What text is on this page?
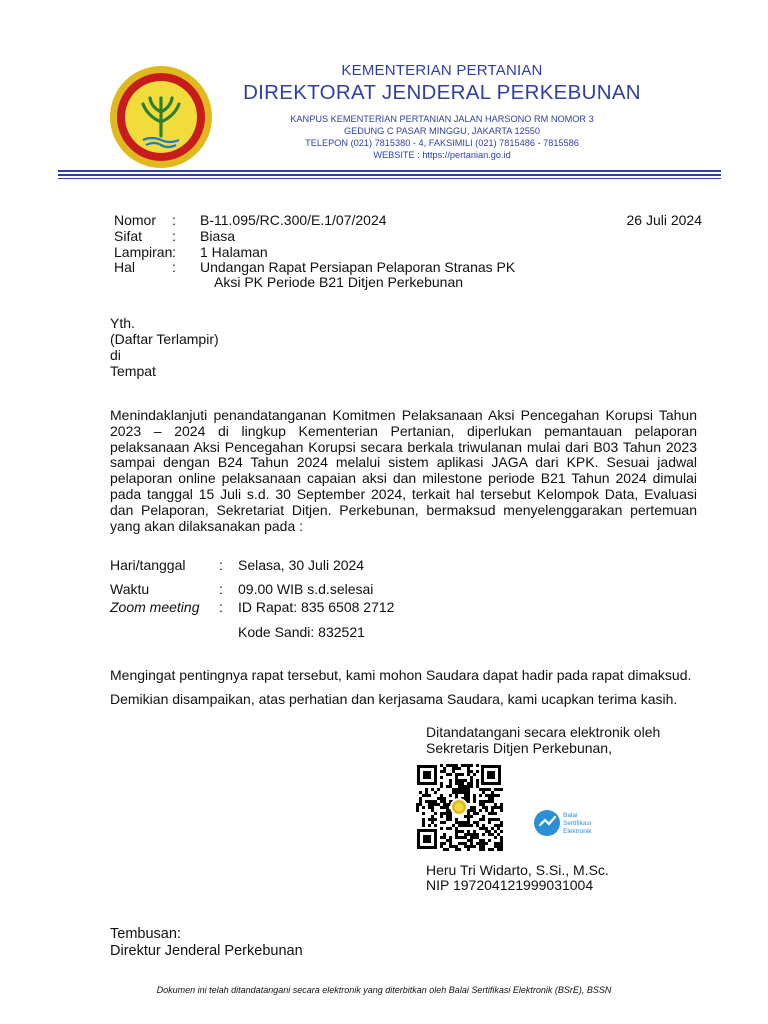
KEMENTERIAN PERTANIAN
DIREKTORAT JENDERAL PERKEBUNAN
KANPUS KEMENTERIAN PERTANIAN JALAN HARSONO RM NOMOR 3
GEDUNG C PASAR MINGGU, JAKARTA 12550
TELEPON (021) 7815380 - 4, FAKSIMILI (021) 7815486 - 7815586
WEBSITE : https://pertanian.go.id
26 Juli 2024
Nomor : B-11.095/RC.300/E.1/07/2024
Sifat : Biasa
Lampiran : 1 Halaman
Hal	: Undangan Rapat Persiapan Pelaporan Stranas PK
Aksi PK Periode B21 Ditjen Perkebunan
Yth.
(Daftar Terlampir)
di
Tempat
Menindaklanjuti penandatanganan Komitmen Pelaksanaan Aksi Pencegahan Korupsi Tahun 2023 – 2024 di lingkup Kementerian Pertanian, diperlukan pemantauan pelaporan pelaksanaan Aksi Pencegahan Korupsi secara berkala triwulanan mulai dari B03 Tahun 2023 sampai dengan B24 Tahun 2024 melalui sistem aplikasi JAGA dari KPK. Sesuai jadwal pelaporan online pelaksanaan capaian aksi dan milestone periode B21 Tahun 2024 dimulai pada tanggal 15 Juli s.d. 30 September 2024, terkait hal tersebut Kelompok Data, Evaluasi dan Pelaporan, Sekretariat Ditjen. Perkebunan, bermaksud menyelenggarakan pertemuan yang akan dilaksanakan pada :
Hari/tanggal : Selasa, 30 Juli 2024
Waktu	: 09.00 WIB s.d.selesai
Zoom meeting : ID Rapat: 835 6508 2712
Kode Sandi: 832521
Mengingat pentingnya rapat tersebut, kami mohon Saudara dapat hadir pada rapat dimaksud.
Demikian disampaikan, atas perhatian dan kerjasama Saudara, kami ucapkan terima kasih.
Ditandatangani secara elektronik oleh
Sekretaris Ditjen Perkebunan,
Balai
Sertifikasi
Elektronik
Heru Tri Widarto, S.Si., M.Sc.
NIP 197204121999031004
Tembusan:
Direktur Jenderal Perkebunan
Dokumen ini telah ditandatangani secara elektronik yang diterbitkan oleh Balai Sertifikasi Elektronik (BSrE), BSSN
